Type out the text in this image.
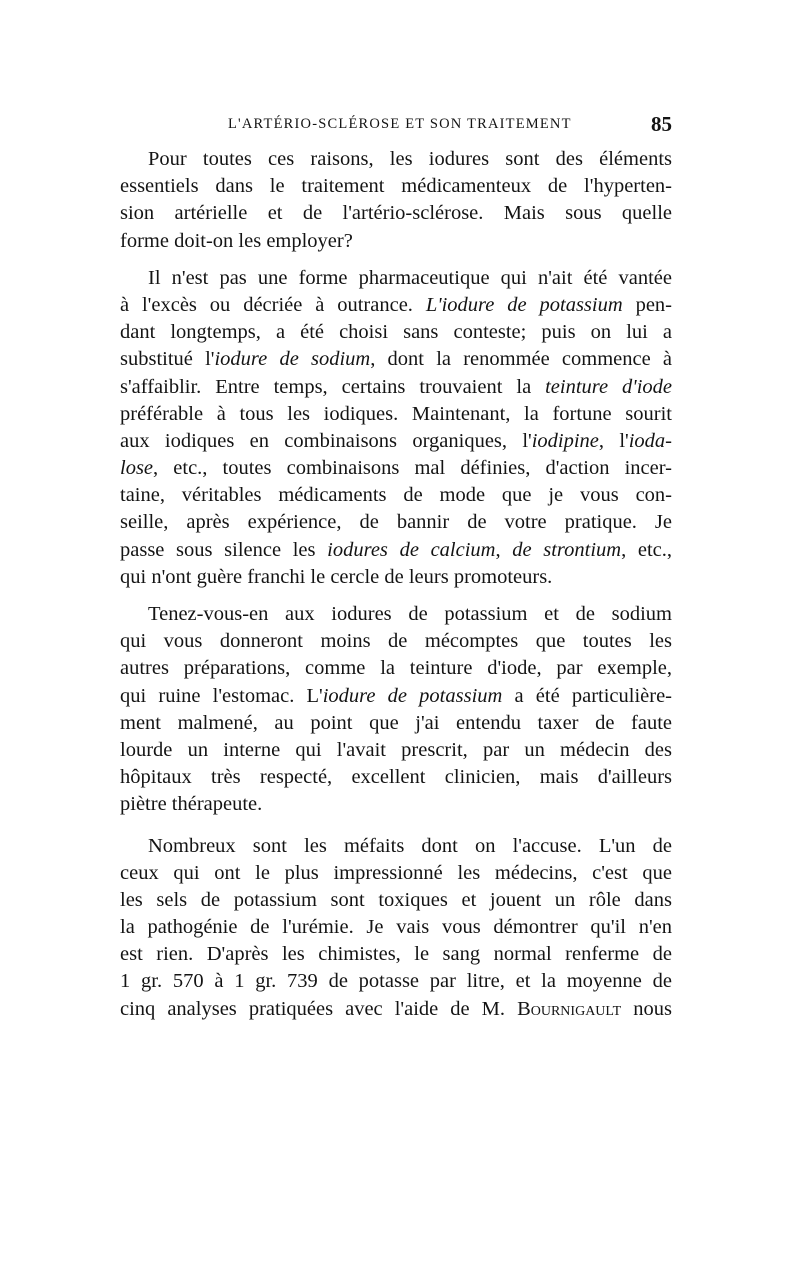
L'ARTÉRIO-SCLÉROSE ET SON TRAITEMENT	85
Pour toutes ces raisons, les iodures sont des éléments
essentiels dans le traitement médicamenteux de l'hyperten-
sion artérielle et de l'artério-sclérose. Mais sous quelle
forme doit-on les employer?
Il n'est pas une forme pharmaceutique qui n'ait été vantée
à l'excès ou décriée à outrance. L'iodure de potassium pen-
dant longtemps, a été choisi sans conteste; puis on lui a
substitué l'iodure de sodium, dont la renommée commence à
s'affaiblir. Entre temps, certains trouvaient la teinture d'iode
préférable à tous les iodiques. Maintenant, la fortune sourit
aux iodiques en combinaisons organiques, l'iodipine, l'ioda-
lose, etc., toutes combinaisons mal définies, d'action incer-
taine, véritables médicaments de mode que je vous con-
seille, après expérience, de bannir de votre pratique. Je
passe sous silence les iodures de calcium, de strontium, etc.,
qui n'ont guère franchi le cercle de leurs promoteurs.
Tenez-vous-en aux iodures de potassium et de sodium
qui vous donneront moins de mécomptes que toutes les
autres préparations, comme la teinture d'iode, par exemple,
qui ruine l'estomac. L'iodure de potassium a été particulière-
ment malmené, au point que j'ai entendu taxer de faute
lourde un interne qui l'avait prescrit, par un médecin des
hôpitaux très respecté, excellent clinicien, mais d'ailleurs
piètre thérapeute.
Nombreux sont les méfaits dont on l'accuse. L'un de
ceux qui ont le plus impressionné les médecins, c'est que
les sels de potassium sont toxiques et jouent un rôle dans
la pathogénie de l'urémie. Je vais vous démontrer qu'il n'en
est rien. D'après les chimistes, le sang normal renferme de
1 gr. 570 à 1 gr. 739 de potasse par litre, et la moyenne de
cinq analyses pratiquées avec l'aide de M. Bournigault nous
